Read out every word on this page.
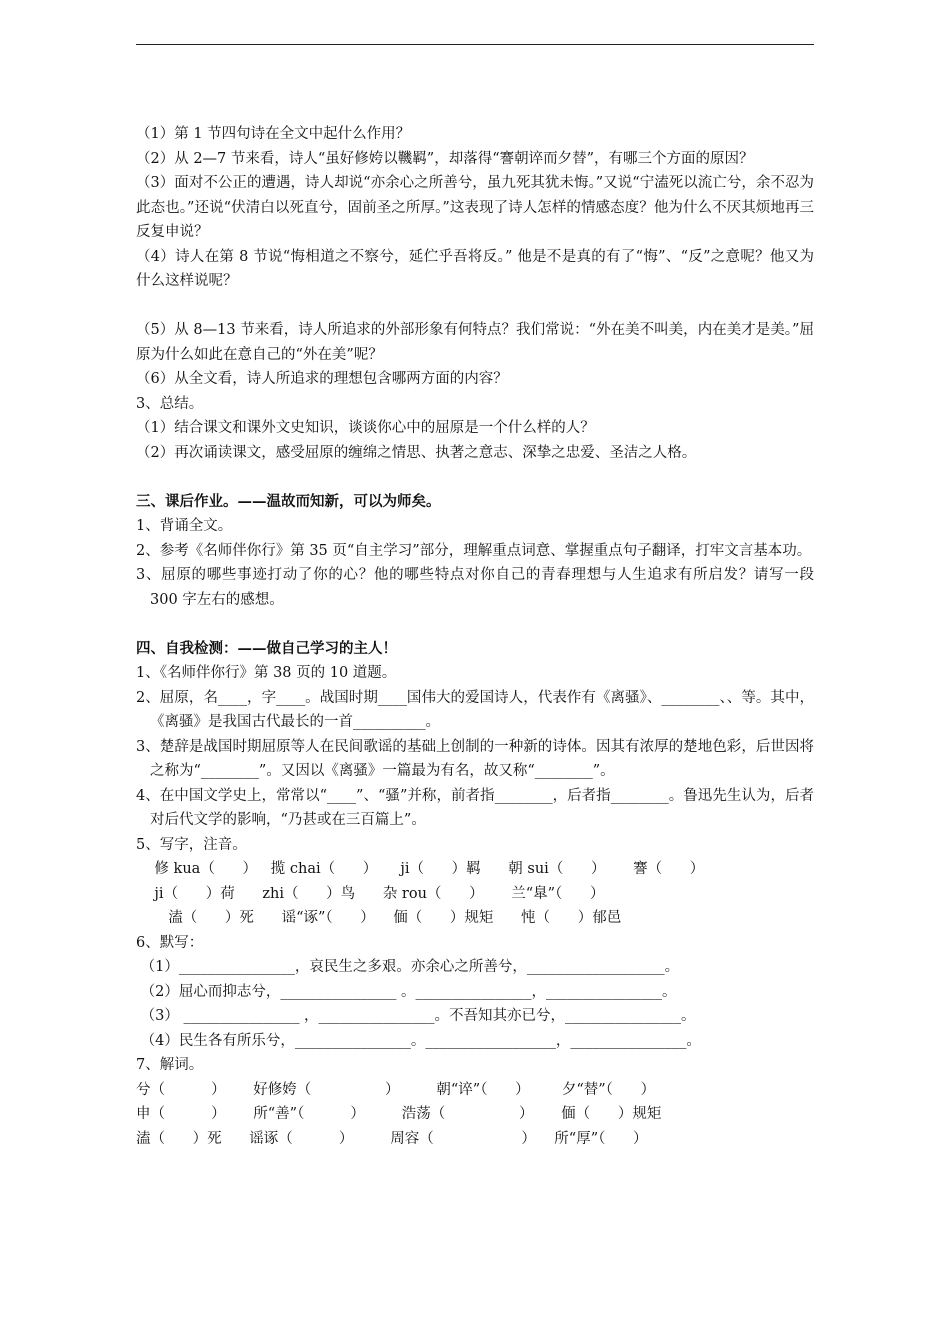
（1）第 1 节四句诗在全文中起什么作用？

（2）从 2—7 节来看，诗人“虽好修姱以鞿羁”，却落得“謇朝谇而夕替”，有哪三个方面的原因？

（3）面对不公正的遭遇，诗人却说“亦余心之所善兮，虽九死其犹未悔。”又说“宁溘死以流亡兮，余不忍为此态也。”还说“伏清白以死直兮，固前圣之所厚。”这表现了诗人怎样的情感态度？他为什么不厌其烦地再三反复申说？

（4）诗人在第 8 节说“悔相道之不察兮，延伫乎吾将反。” 他是不是真的有了“悔”、“反”之意呢？他又为什么这样说呢？

（5）从 8—13 节来看，诗人所追求的外部形象有何特点？我们常说：“外在美不叫美，内在美才是美。”屈原为什么如此在意自己的“外在美”呢？

（6）从全文看，诗人所追求的理想包含哪两方面的内容？

3、总结。

（1）结合课文和课外文史知识，谈谈你心中的屈原是一个什么样的人？

（2）再次诵读课文，感受屈原的缠绵之情思、执著之意志、深挚之忠爱、圣洁之人格。

三、课后作业。——温故而知新，可以为师矣。

1、背诵全文。

2、参考《名师伴你行》第 35 页“自主学习”部分，理解重点词意、掌握重点句子翻译，打牢文言基本功。

3、屈原的哪些事迹打动了你的心？他的哪些特点对你自己的青春理想与人生追求有所启发？请写一段 300 字左右的感想。

四、自我检测：——做自己学习的主人！

1、《名师伴你行》第 38 页的 10 道题。

2、屈原，名____，字____。战国时期____国伟大的爱国诗人，代表作有《离骚》、________、、等。其中，《离骚》是我国古代最长的一首__________。

3、楚辞是战国时期屈原等人在民间歌谣的基础上创制的一种新的诗体。因其有浓厚的楚地色彩，后世因将之称为“________”。又因以《离骚》一篇最为有名，故又称“________”。

4、在中国文学史上，常常以“____”、“骚”并称，前者指________，后者指________。鲁迅先生认为，后者对后代文学的影响，“乃甚或在三百篇上”。

5、写字，注音。

修 kua（      ）   揽 chai（      ）     ji（      ）羁      朝 sui（      ）      謇（      ）

ji（      ）荷      zhi（      ）鸟      杂 rou（      ）      兰“臯”（      ）

溘（      ）死      谣“诼”（      ）    偭（      ）规矩      忳（      ）郁邑

6、默写：

（1）________________，哀民生之多艰。亦余心之所善兮，___________________。

（2）屈心而抑志兮，________________ 。________________，________________。

（3） ________________ ，________________。不吾知其亦已兮，________________。

（4）民生各有所乐兮，________________。__________________，________________。

7、解词。

兮（          ）      好修姱（                ）        朝“谇”（      ）       夕“替”（      ）

申（          ）      所“善”（          ）        浩荡（                ）      偭（      ）规矩

溘（      ）死      谣诼（          ）        周容（                   ）    所“厚”（      ）
